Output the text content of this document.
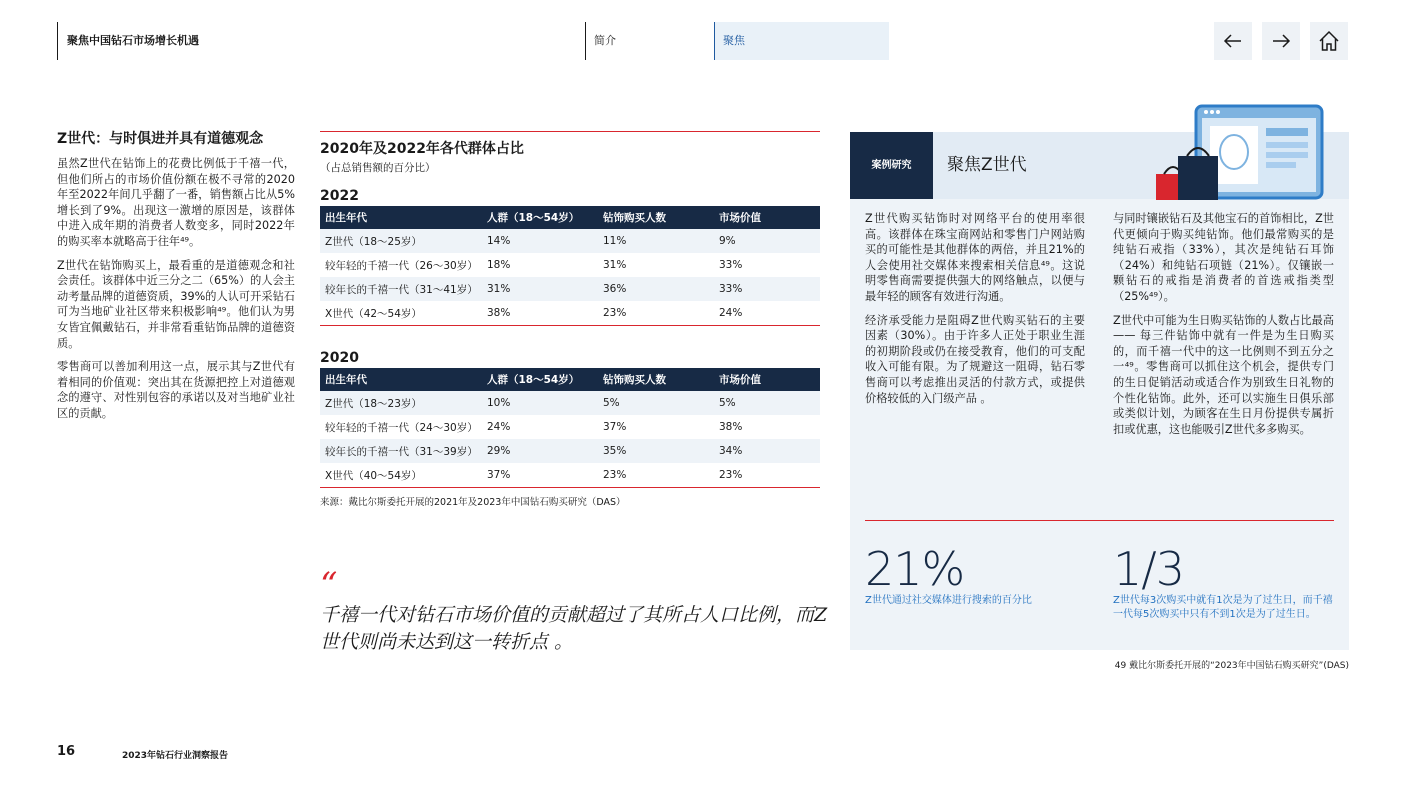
聚焦中国钻石市场增长机遇	简介	聚焦
Z世代：与时俱进并具有道德观念

虽然Z世代在钻饰上的花费比例低于千禧一代，但他们所占的市场价值份额在极不寻常的2020年至2022年间几乎翻了一番，销售额占比从5%增长到了9%。出现这一激增的原因是，该群体中进入成年期的消费者人数变多，同时2022年的购买率本就略高于往年⁴⁹。

Z世代在钻饰购买上，最看重的是道德观念和社会责任。该群体中近三分之二（65%）的人会主动考量品牌的道德资质，39%的人认可开采钻石可为当地矿业社区带来积极影响⁴⁹。他们认为男女皆宜佩戴钻石，并非常看重钻饰品牌的道德资质。

零售商可以善加利用这一点，展示其与Z世代有着相同的价值观：突出其在货源把控上对道德观念的遵守、对性别包容的承诺以及对当地矿业社区的贡献。

2020年及2022年各代群体占比
（占总销售额的百分比）
2022
出生年代	人群（18～54岁）	钻饰购买人数	市场价值
Z世代（18～25岁）	14%	11%	9%
较年轻的千禧一代（26～30岁）	18%	31%	33%
较年长的千禧一代（31～41岁）	31%	36%	33%
X世代（42～54岁）	38%	23%	24%
2020
出生年代	人群（18～54岁）	钻饰购买人数	市场价值
Z世代（18～23岁）	10%	5%	5%
较年轻的千禧一代（24～30岁）	24%	37%	38%
较年长的千禧一代（31～39岁）	29%	35%	34%
X世代（40～54岁）	37%	23%	23%
来源：戴比尔斯委托开展的2021年及2023年中国钻石购买研究（DAS）
“
千禧一代对钻石市场价值的贡献超过了其所占人口比例，而Z世代则尚未达到这一转折点 。
案例研究	聚焦Z世代

Z世代购买钻饰时对网络平台的使用率很高。该群体在珠宝商网站和零售门户网站购买的可能性是其他群体的两倍，并且21%的人会使用社交媒体来搜索相关信息⁴⁹。这说明零售商需要提供强大的网络触点，以便与最年轻的顾客有效进行沟通。

经济承受能力是阻碍Z世代购买钻石的主要因素（30%）。由于许多人正处于职业生涯的初期阶段或仍在接受教育，他们的可支配收入可能有限。为了规避这一阻碍，钻石零售商可以考虑推出灵活的付款方式，或提供价格较低的入门级产品 。

与同时镶嵌钻石及其他宝石的首饰相比，Z世代更倾向于购买纯钻饰。他们最常购买的是纯钻石戒指（33%），其次是纯钻石耳饰（24%）和纯钻石项链（21%）。仅镶嵌一颗钻石的戒指是消费者的首选戒指类型（25%⁴⁹）。

Z世代中可能为生日购买钻饰的人数占比最高 —— 每三件钻饰中就有一件是为生日购买的，而千禧一代中的这一比例则不到五分之一⁴⁹。零售商可以抓住这个机会，提供专门的生日促销活动或适合作为别致生日礼物的个性化钻饰。此外，还可以实施生日俱乐部或类似计划，为顾客在生日月份提供专属折扣或优惠，这也能吸引Z世代多多购买。

21%
Z世代通过社交媒体进行搜索的百分比
1/3
Z世代每3次购买中就有1次是为了过生日，而千禧一代每5次购买中只有不到1次是为了过生日。
49 戴比尔斯委托开展的“2023年中国钻石购买研究”(DAS)
16	2023年钻石行业洞察报告
